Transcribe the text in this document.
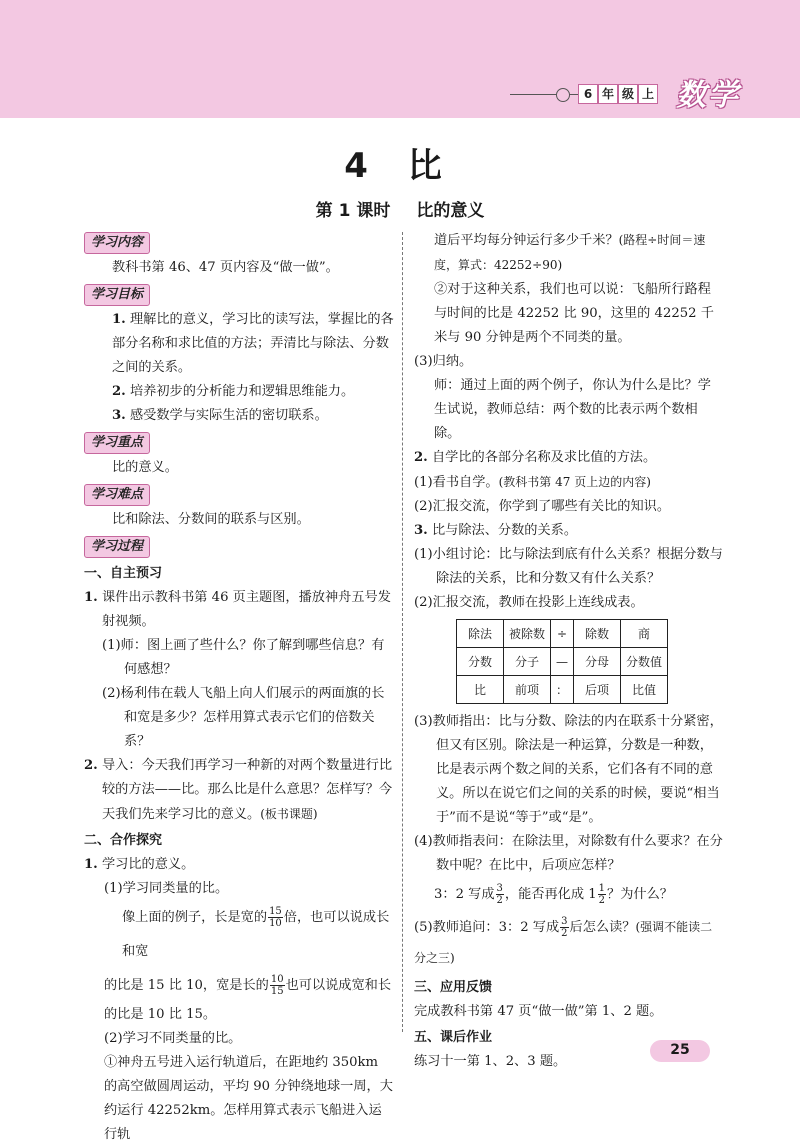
6 年 级 上 数学
4 比
第 1 课时 比的意义
学习内容

教科书第 46、47 页内容及“做一做”。

学习目标

1. 理解比的意义，学习比的读写法，掌握比的各部分名称和求比值的方法；弄清比与除法、分数之间的关系。

2. 培养初步的分析能力和逻辑思维能力。

3. 感受数学与实际生活的密切联系。

学习重点

比的意义。

学习难点

比和除法、分数间的联系与区别。

学习过程

一、自主预习

1. 课件出示教科书第 46 页主题图，播放神舟五号发射视频。

(1)师：图上画了些什么？你了解到哪些信息？有何感想？

(2)杨利伟在载人飞船上向人们展示的两面旗的长和宽是多少？怎样用算式表示它们的倍数关系？

2. 导入：今天我们再学习一种新的对两个数量进行比较的方法——比。那么比是什么意思？怎样写？今天我们先来学习比的意义。(板书课题)

二、合作探究

1. 学习比的意义。

(1)学习同类量的比。

像上面的例子，长是宽的 $\frac{15}{10}$ 倍，也可以说成长和宽

的比是 15 比 10，宽是长的 $\frac{10}{15}$ 也可以说成宽和长

的比是 10 比 15。

(2)学习不同类量的比。

①神舟五号进入运行轨道后，在距地约 350km 的高空做圆周运动，平均 90 分钟绕地球一周，大约运行 42252km。怎样用算式表示飞船进入运行轨

道后平均每分钟运行多少千米？(路程÷时间＝速度，算式：42252÷90)

②对于这种关系，我们也可以说：飞船所行路程与时间的比是 42252 比 90，这里的 42252 千米与 90 分钟是两个不同类的量。

(3)归纳。

师：通过上面的两个例子，你认为什么是比？学生试说，教师总结：两个数的比表示两个数相除。

2. 自学比的各部分名称及求比值的方法。

(1)看书自学。(教科书第 47 页上边的内容)

(2)汇报交流，你学到了哪些有关比的知识。

3. 比与除法、分数的关系。

(1)小组讨论：比与除法到底有什么关系？根据分数与除法的关系，比和分数又有什么关系？

(2)汇报交流，教师在投影上连线成表。

除法	被除数	÷	除数	商
分数	分子	—	分母	分数值
比	前项	：	后项	比值

(3)教师指出：比与分数、除法的内在联系十分紧密，但又有区别。除法是一种运算，分数是一种数，比是表示两个数之间的关系，它们各有不同的意义。所以在说它们之间的关系的时候，要说“相当于”而不是说“等于”或“是”。

(4)教师指表问：在除法里，对除数有什么要求？在分数中呢？在比中，后项应怎样？

3：2 写成 $\frac{3}{2}$ ，能否再化成 $1 \frac{1}{2}$ ？为什么？

(5)教师追问：3：2 写成 $\frac{3}{2}$ 后怎么读？(强调不能读二分之三)

三、应用反馈

完成教科书第 47 页“做一做”第 1、2 题。

五、课后作业

练习十一第 1、2、3 题。

25
